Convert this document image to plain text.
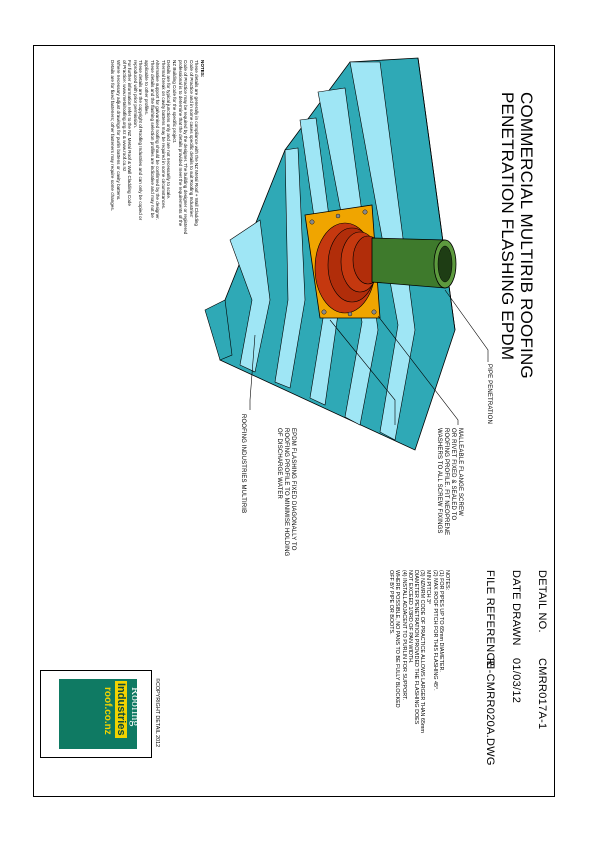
COMMERCIAL MULTIRIB ROOFING
PENETRATION FLASHING EPDM
PIPE PENETRATION
MALLEABLE FLANGE SCREW
OR RIVET FIXED & SEALED TO
ROOFING PROFILE. FIT NEOPRENE
WASHERS TO ALL SCREW FIXINGS
EPDM FLASHING FIXED DIAGONALLY TO
ROOFING PROFILE TO MINIMISE HOLDING
OF DISCHARGE WATER
ROOFING INDUSTRIES MULTIRIB
NOTES:
These details are generally in compliance with the NZ Metal Roof + Wall Cladding
Code of Practice and in some cases specific details to suit Roofing Industries'
Code of Practice may be required by the designer. The building designer or registered
professional is to determine that the details provided meet the requirements of the
NZ Building Code for the specific project.
Details are for typical junctions only and are not necessarily to scale.
Thermal break on cavity battens may be required in some circumstances.
Alternative support for galvanised roofing should be confirmed by the designer.
These details and the flashing selection profiles are indicative and may not be
applicable to other profiles.
These details are the copyright of Roofing Industries and can only be copied or
reproduced with prior permission.
For further information refer to the NZ Metal Roof & Wall Cladding Code
of Practice: www.metalroofing.org.nz & www.roof.co.nz
Where necessary adjust drawings for purlin battens or cavity battens.
Details are for fixed fasteners; other fasteners may require some changes.
DETAIL NO.CMRR017A-1
DATE DRAWN01/03/12
FILE REFERENCERI-CMRR020A.DWG
NOTES:
(1) FOR PIPES UP TO 65mm DIAMETER.
(2) MAX ROOF PITCH FOR THIS FLASHING 45°.
MIN PITCH 3°
(3) NZMRM CODE OF PRACTICE ALLOWS LARGER THAN 65mm
DIAMETER PENETRATION PROVIDED THE FLASHING DOES
NOT EXCEED 1/3RD OF PAN WIDTH.
(4) INSTALL ADJACENT TO PURLIN FOR SUPPORT.
WHERE POSSIBLE, NO PANS TO BE FULLY BLOCKED
OFF BY PIPE OR BOOTS.
©COPYRIGHT DETAIL 2012
Roofing
Industries
roof.co.nz
